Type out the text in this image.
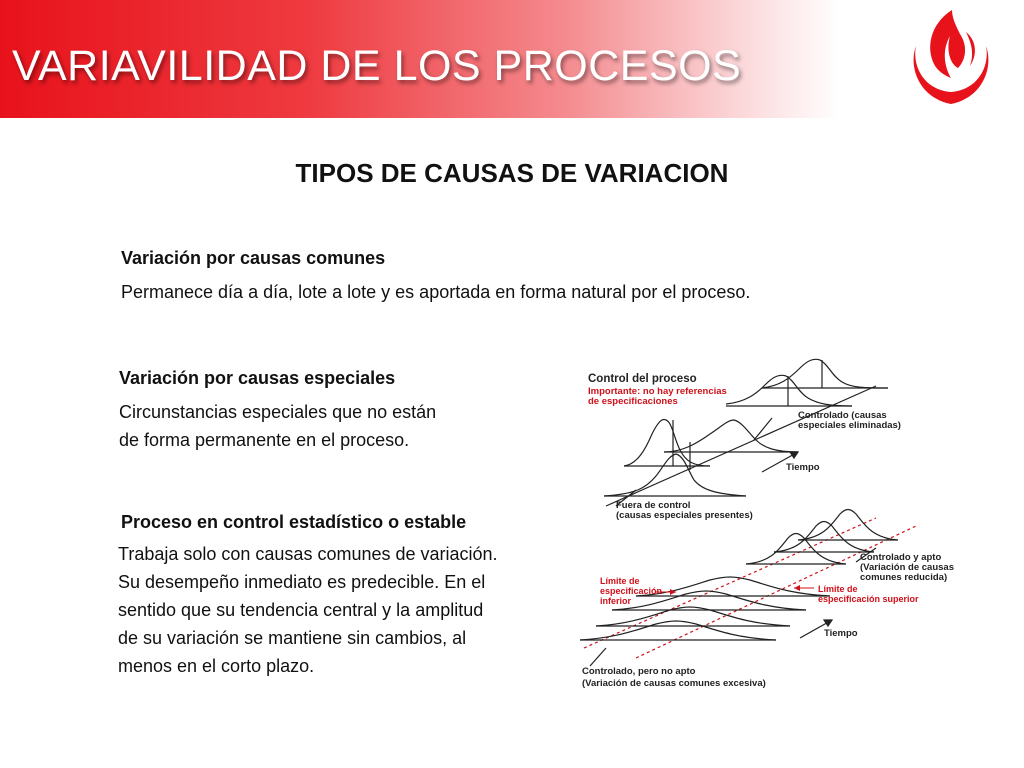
VARIAVILIDAD DE LOS PROCESOS
TIPOS DE CAUSAS DE VARIACION
Variación por causas comunes
Permanece día a día, lote a lote y es aportada en forma natural por el proceso.
Variación por causas especiales
Circunstancias especiales que no están
de forma permanente en el proceso.
Proceso en control estadístico o estable
Trabaja solo con causas comunes de variación.
Su desempeño inmediato es predecible. En el
sentido que su tendencia central y la amplitud
de su variación se mantiene sin cambios, al
menos en el corto plazo.
Control del proceso
Importante: no hay referencias
de especificaciones
Controlado (causas
especiales eliminadas)
Tiempo
Fuera de control
(causas especiales presentes)
Controlado y apto
(Variación de causas
comunes reducida)
Límite de
especificación
inferior
Límite de
especificación superior
Tiempo
Controlado, pero no apto
(Variación de causas comunes excesiva)
